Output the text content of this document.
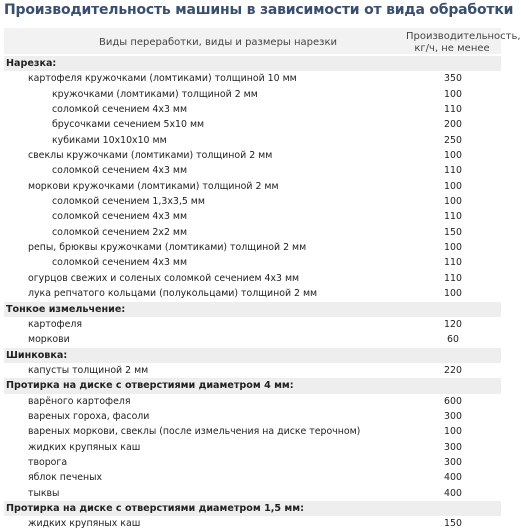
Производительность машины в зависимости от вида обработки
Виды переработки, виды и размеры нарезки
Производительность,
кг/ч, не менее
Нарезка:
картофеля кружочками (ломтиками) толщиной 10 мм	350
кружочками (ломтиками) толщиной 2 мм	100
соломкой сечением 4х3 мм	110
брусочками сечением 5х10 мм	200
кубиками 10х10х10 мм	250
свеклы кружочками (ломтиками) толщиной 2 мм	100
соломкой сечением 4х3 мм	110
моркови кружочками (ломтиками) толщиной 2 мм	100
соломкой сечением 1,3х3,5 мм	100
соломкой сечением 4х3 мм	110
соломкой сечением 2х2 мм	150
репы, брюквы кружочками (ломтиками) толщиной 2 мм	100
соломкой сечением 4х3 мм	110
огурцов свежих и соленых соломкой сечением 4х3 мм	110
лука репчатого кольцами (полукольцами) толщиной 2 мм	100
Тонкое измельчение:
картофеля	120
моркови	60
Шинковка:
капусты толщиной 2 мм	220
Протирка на диске с отверстиями диаметром 4 мм:
варёного картофеля	600
вареных гороха, фасоли	300
вареных моркови, свеклы (после измельчения на диске терочном)	100
жидких крупяных каш	300
творога	300
яблок печеных	400
тыквы	400
Протирка на диске с отверстиями диаметром 1,5 мм:
жидких крупяных каш	150
